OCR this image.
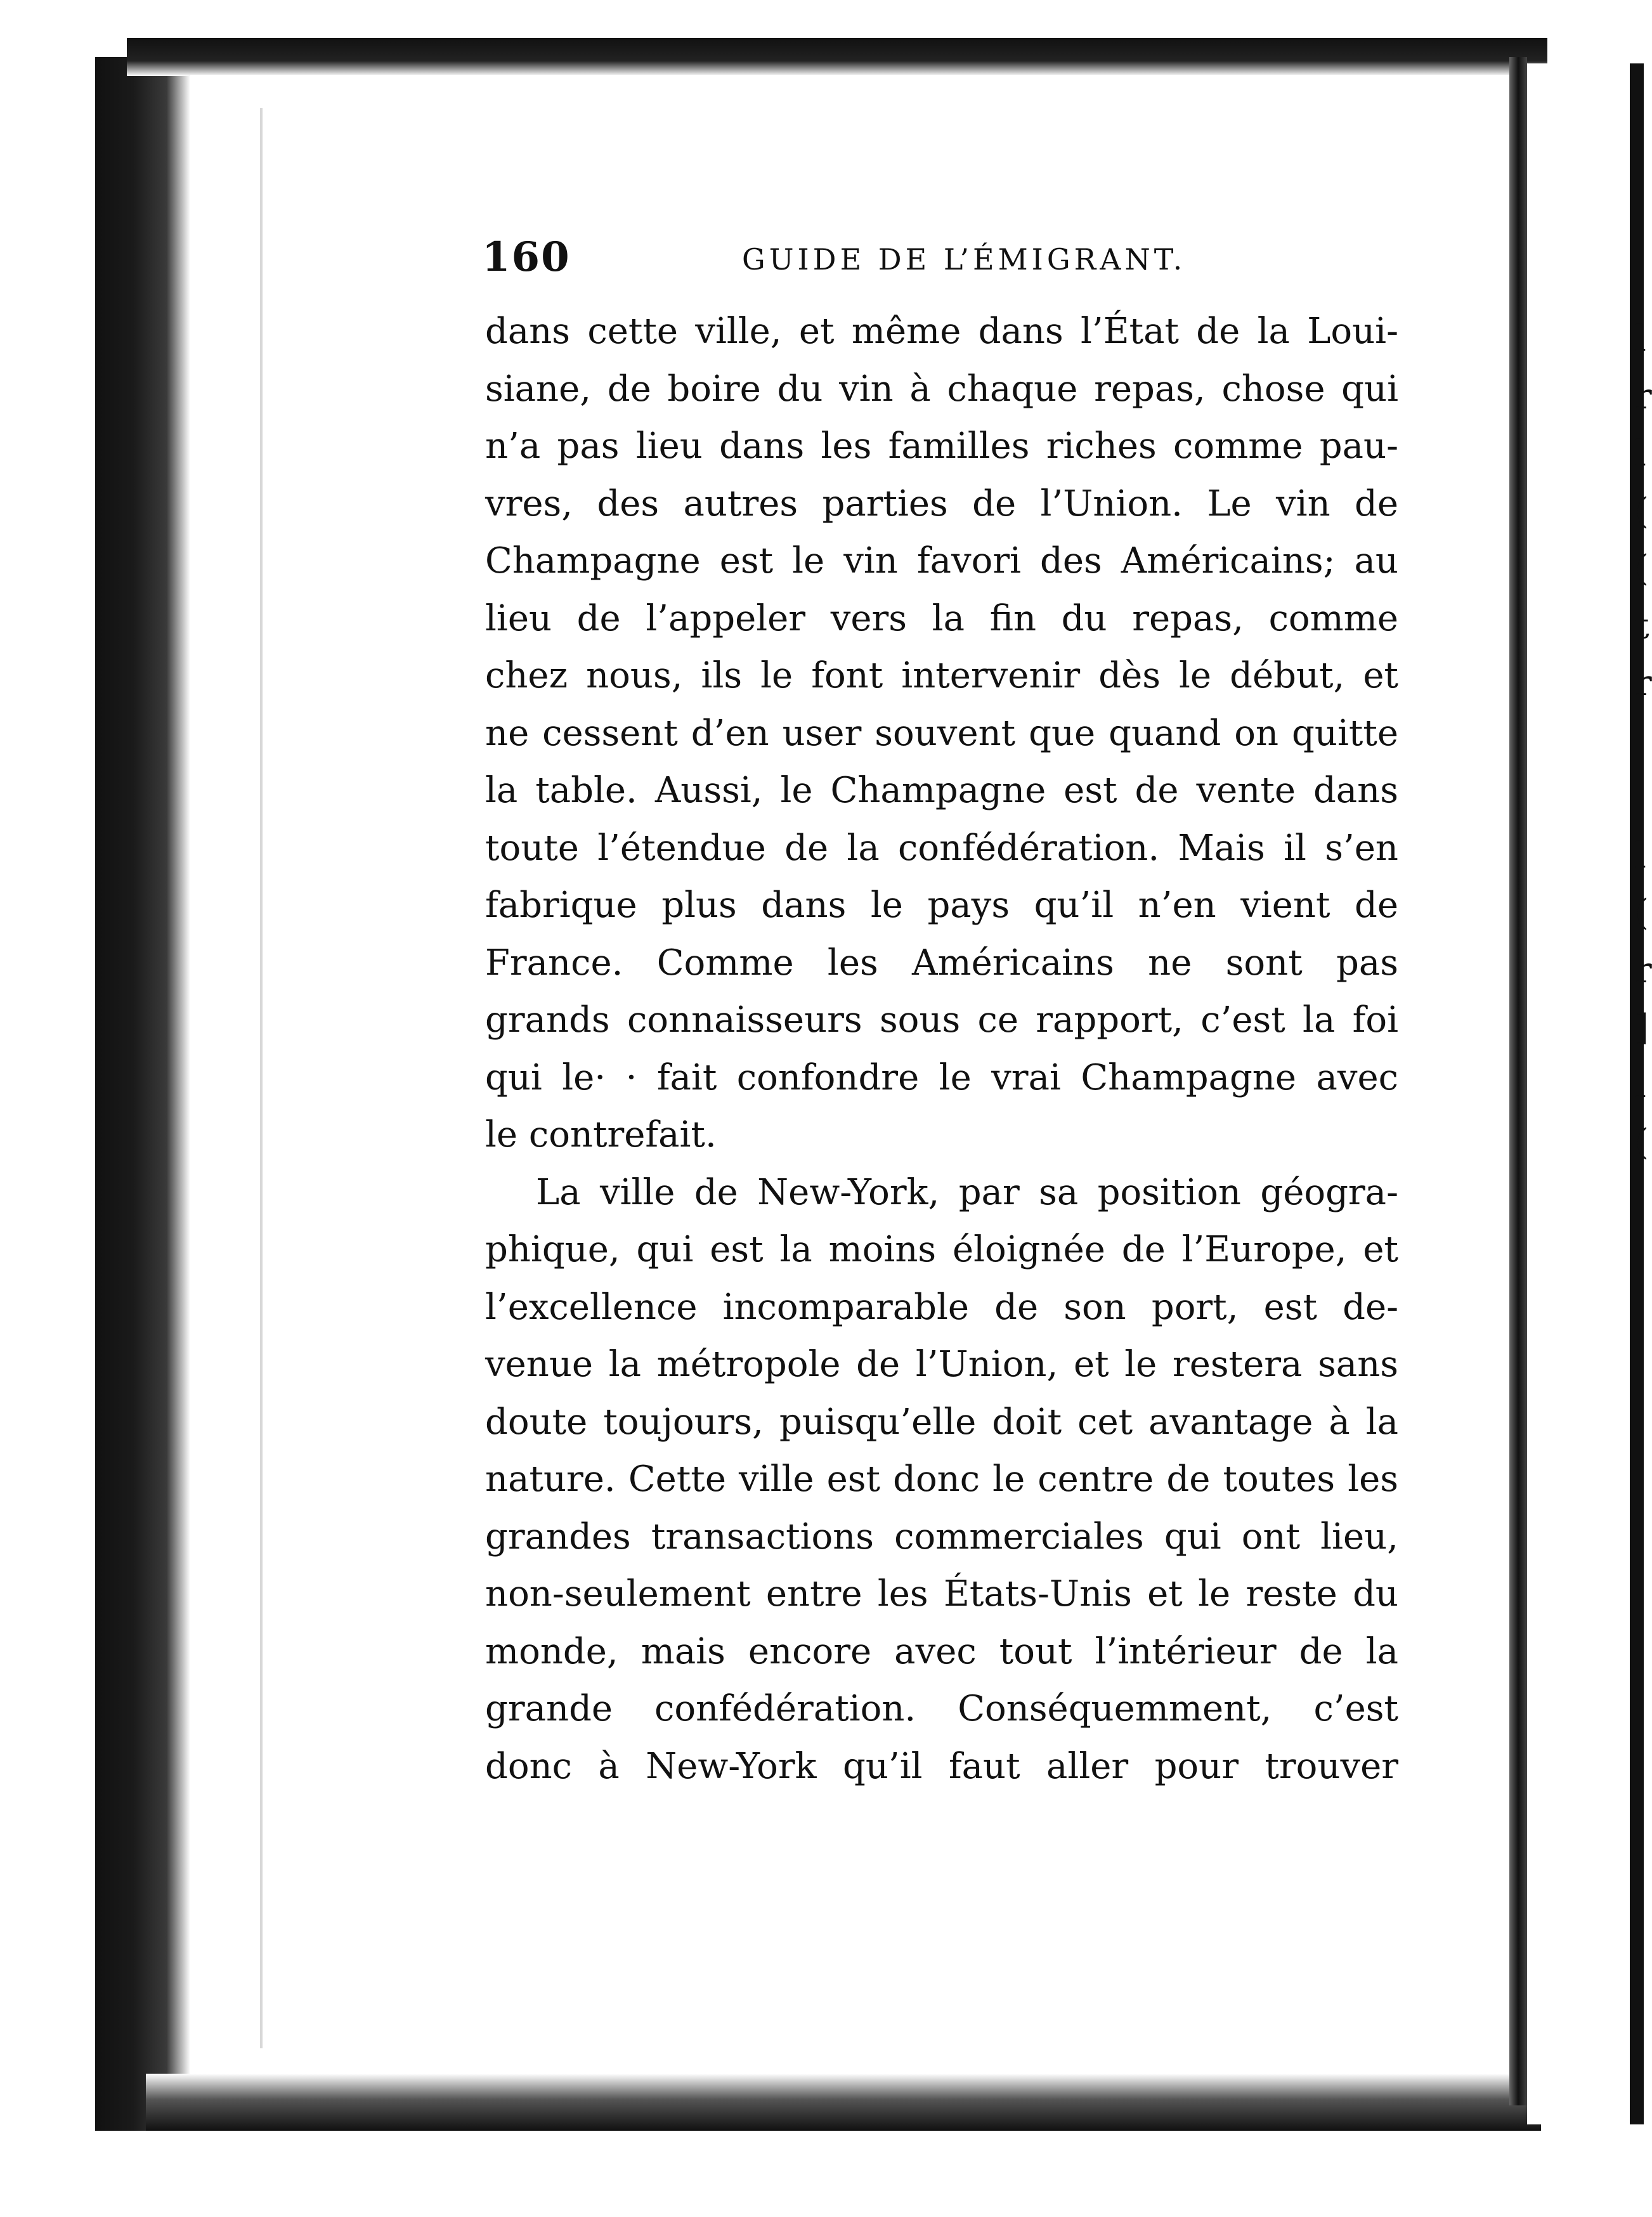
160	GUIDE DE L’ÉMIGRANT.
dans cette ville, et même dans l’État de la Loui-
siane, de boire du vin à chaque repas, chose qui
n’a pas lieu dans les familles riches comme pau-
vres, des autres parties de l’Union. Le vin de
Champagne est le vin favori des Américains; au
lieu de l’appeler vers la fin du repas, comme
chez nous, ils le font intervenir dès le début, et
ne cessent d’en user souvent que quand on quitte
la table. Aussi, le Champagne est de vente dans
toute l’étendue de la confédération. Mais il s’en
fabrique plus dans le pays qu’il n’en vient de
France. Comme les Américains ne sont pas
grands connaisseurs sous ce rapport, c’est la foi
qui le· · fait confondre le vrai Champagne avec
le contrefait.
La ville de New-York, par sa position géogra-
phique, qui est la moins éloignée de l’Europe, et
l’excellence incomparable de son port, est de-
venue la métropole de l’Union, et le restera sans
doute toujours, puisqu’elle doit cet avantage à la
nature. Cette ville est donc le centre de toutes les
grandes transactions commerciales qui ont lieu,
non-seulement entre les États-Unis et le reste du
monde, mais encore avec tout l’intérieur de la
grande confédération. Conséquemment, c’est
donc à New-York qu’il faut aller pour trouver
l
r
l
(
(
t
r
l
(
r
]
l
(
